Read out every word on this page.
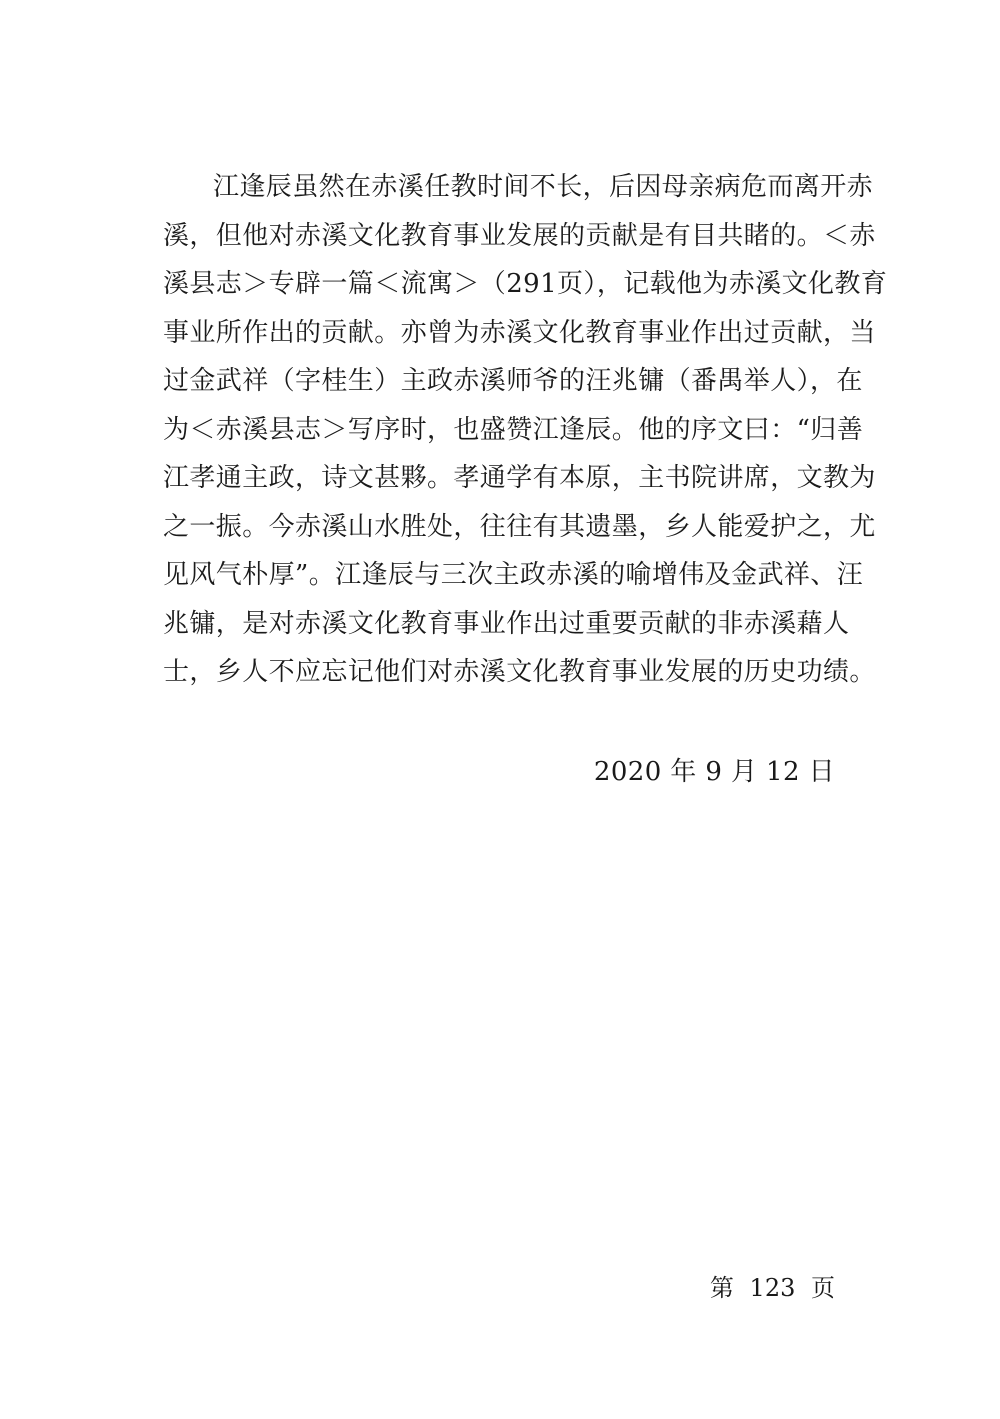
江逢辰虽然在赤溪任教时间不长，后因母亲病危而离开赤
溪，但他对赤溪文化教育事业发展的贡献是有目共睹的。＜赤
溪县志＞专辟一篇＜流寓＞（291页），记载他为赤溪文化教育
事业所作出的贡献。亦曾为赤溪文化教育事业作出过贡献，当
过金武祥（字桂生）主政赤溪师爷的汪兆镛（番禺举人），在
为＜赤溪县志＞写序时，也盛赞江逢辰。他的序文曰：“归善
江孝通主政，诗文甚夥。孝通学有本原，主书院讲席，文教为
之一振。今赤溪山水胜处，往往有其遗墨，乡人能爱护之，尤
见风气朴厚”。江逢辰与三次主政赤溪的喻增伟及金武祥、汪
兆镛，是对赤溪文化教育事业作出过重要贡献的非赤溪藉人
士，乡人不应忘记他们对赤溪文化教育事业发展的历史功绩。
2020 年 9 月 12 日
第 123 页
